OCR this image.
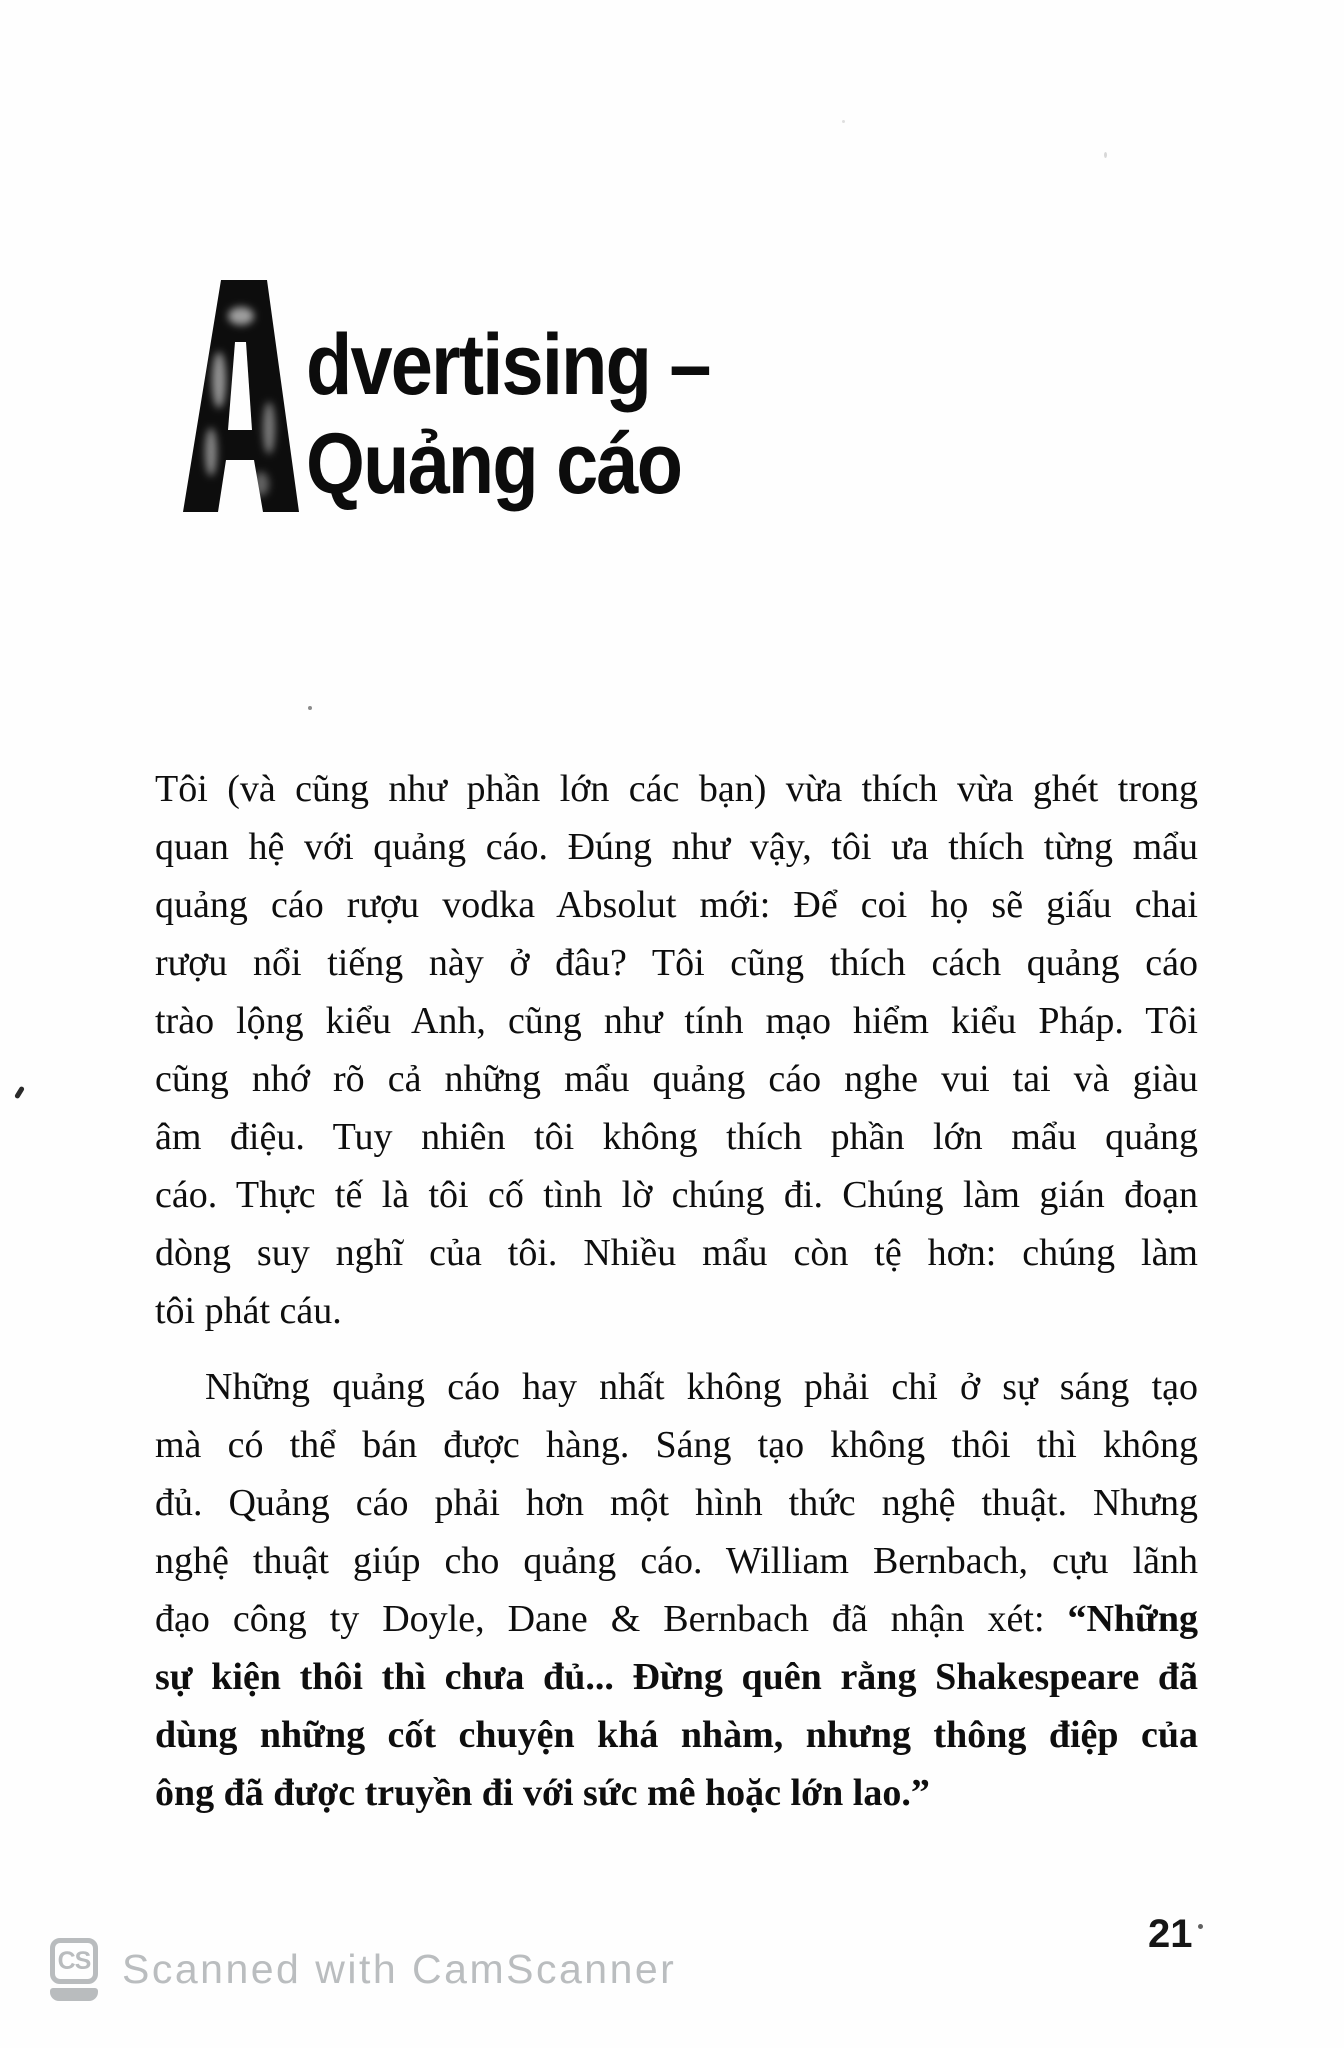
dvertising –
Quảng cáo
Tôi (và cũng như phần lớn các bạn) vừa thích vừa ghét trong
quan hệ với quảng cáo. Đúng như vậy, tôi ưa thích từng mẩu
quảng cáo rượu vodka Absolut mới: Để coi họ sẽ giấu chai
rượu nổi tiếng này ở đâu? Tôi cũng thích cách quảng cáo
trào lộng kiểu Anh, cũng như tính mạo hiểm kiểu Pháp. Tôi
cũng nhớ rõ cả những mẩu quảng cáo nghe vui tai và giàu
âm điệu. Tuy nhiên tôi không thích phần lớn mẩu quảng
cáo. Thực tế là tôi cố tình lờ chúng đi. Chúng làm gián đoạn
dòng suy nghĩ của tôi. Nhiều mẩu còn tệ hơn: chúng làm
tôi phát cáu.
Những quảng cáo hay nhất không phải chỉ ở sự sáng tạo
mà có thể bán được hàng. Sáng tạo không thôi thì không
đủ. Quảng cáo phải hơn một hình thức nghệ thuật. Nhưng
nghệ thuật giúp cho quảng cáo. William Bernbach, cựu lãnh
đạo công ty Doyle, Dane & Bernbach đã nhận xét: “Những
sự kiện thôi thì chưa đủ... Đừng quên rằng Shakespeare đã
dùng những cốt chuyện khá nhàm, nhưng thông điệp của
ông đã được truyền đi với sức mê hoặc lớn lao.”
21
CS Scanned with CamScanner
